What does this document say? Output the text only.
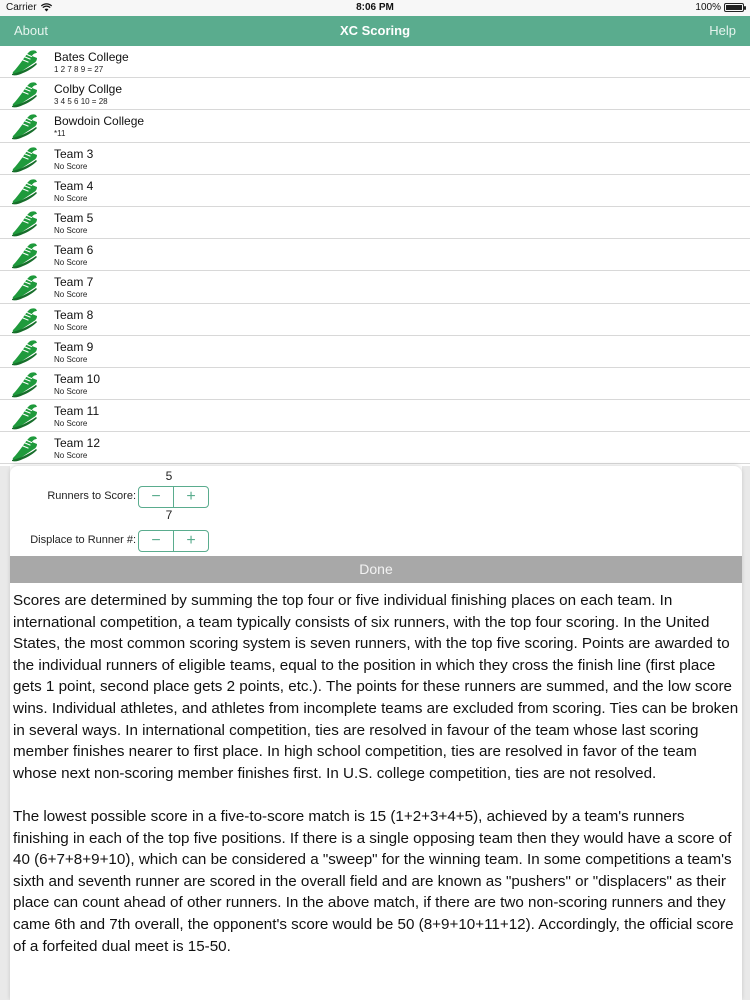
Carrier	8:06 PM	100%
About	XC Scoring	Help
Bates College
1 2 7 8 9 = 27
Colby Collge
3 4 5 6 10 = 28
Bowdoin College
*11
Team 3
No Score
Team 4
No Score
Team 5
No Score
Team 6
No Score
Team 7
No Score
Team 8
No Score
Team 9
No Score
Team 10
No Score
Team 11
No Score
Team 12
No Score
5
Runners to Score: −	+
7
Displace to Runner #: −	+
Done

Scores are determined by summing the top four or five individual finishing places on each team. In international competition, a team typically consists of six runners, with the top four scoring. In the United States, the most common scoring system is seven runners, with the top five scoring. Points are awarded to the individual runners of eligible teams, equal to the position in which they cross the finish line (first place gets 1 point, second place gets 2 points, etc.). The points for these runners are summed, and the low score wins. Individual athletes, and athletes from incomplete teams are excluded from scoring. Ties can be broken in several ways. In international competition, ties are resolved in favour of the team whose last scoring member finishes nearer to first place. In high school competition, ties are resolved in favor of the team whose next non-scoring member finishes first. In U.S. college competition, ties are not resolved.

The lowest possible score in a five-to-score match is 15 (1+2+3+4+5), achieved by a team's runners finishing in each of the top five positions. If there is a single opposing team then they would have a score of 40 (6+7+8+9+10), which can be considered a "sweep" for the winning team. In some competitions a team's sixth and seventh runner are scored in the overall field and are known as "pushers" or "displacers" as their place can count ahead of other runners. In the above match, if there are two non-scoring runners and they came 6th and 7th overall, the opponent's score would be 50 (8+9+10+11+12). Accordingly, the official score of a forfeited dual meet is 15-50.
